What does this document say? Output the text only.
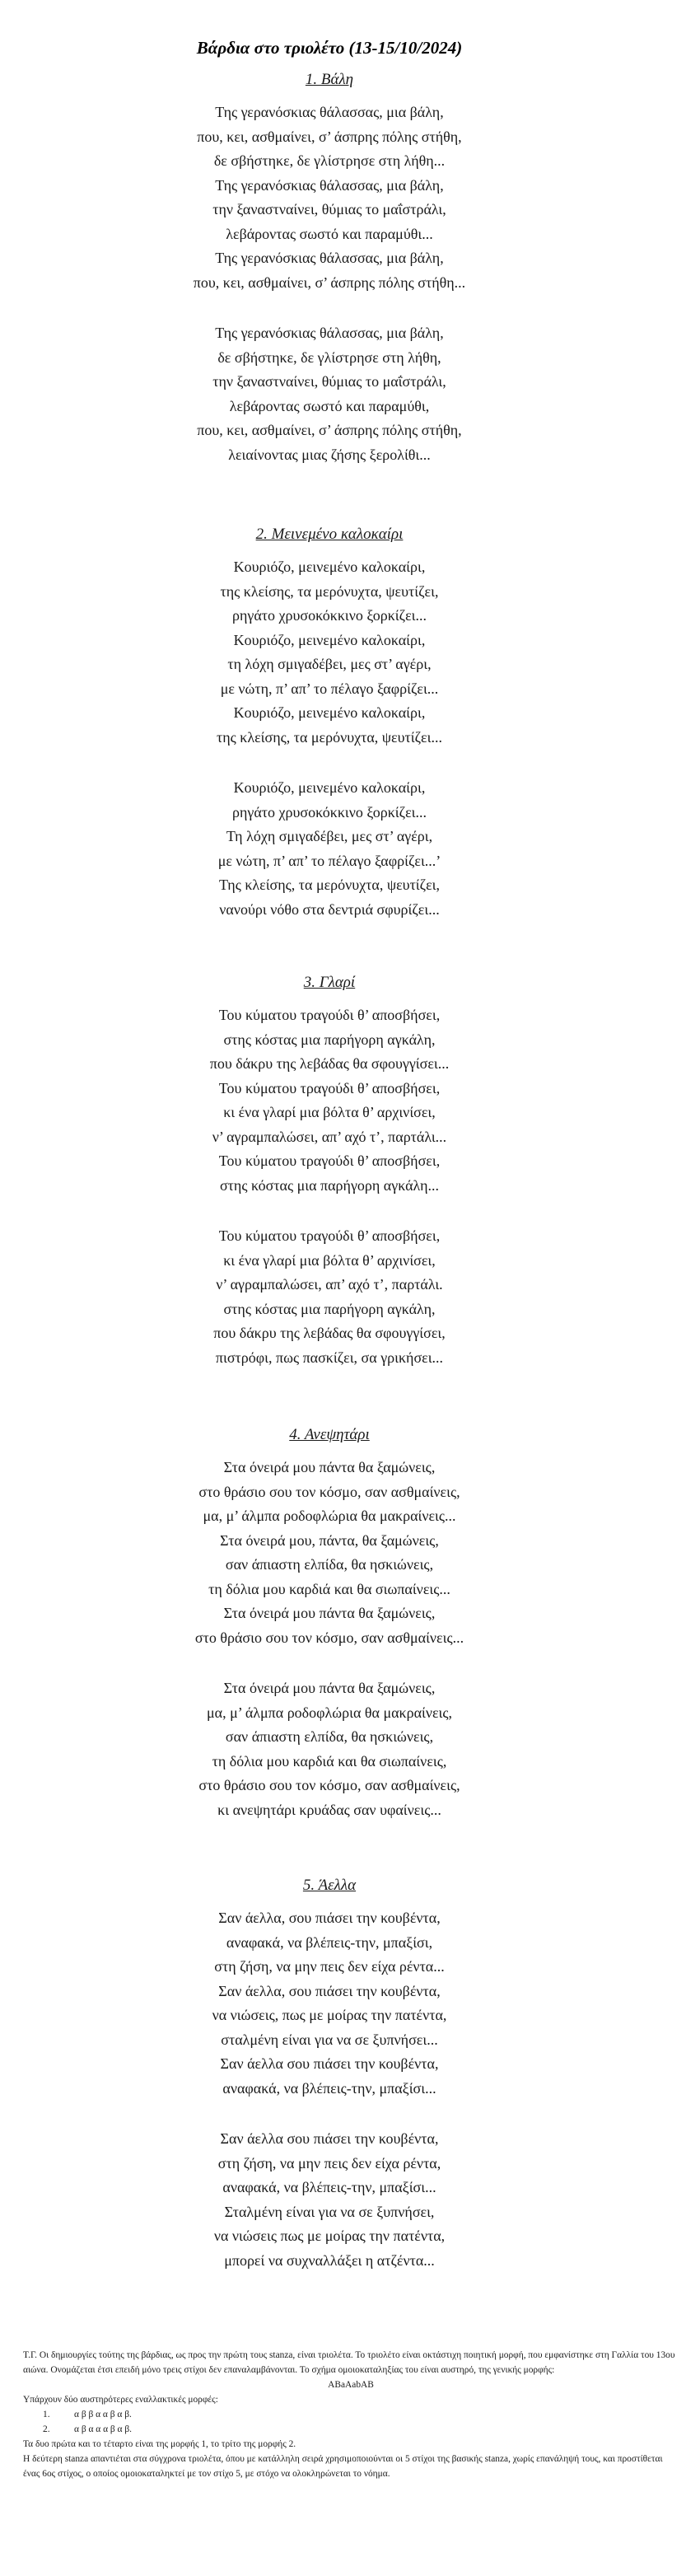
Βάρδια στο τριολέτο (13-15/10/2024)
1. Βάλη
Της γερανόσκιας θάλασσας, μια βάλη,
που, κει, ασθμαίνει, σ’ άσπρης πόλης στήθη,
δε σβήστηκε, δε γλίστρησε στη λήθη...
Της γερανόσκιας θάλασσας, μια βάλη,
την ξαναστναίνει, θύμιας το μαΐστράλι,
λεβάροντας σωστό και παραμύθι...
Της γερανόσκιας θάλασσας, μια βάλη,
που, κει, ασθμαίνει, σ’ άσπρης πόλης στήθη...
Της γερανόσκιας θάλασσας, μια βάλη,
δε σβήστηκε, δε γλίστρησε στη λήθη,
την ξαναστναίνει, θύμιας το μαΐστράλι,
λεβάροντας σωστό και παραμύθι,
που, κει, ασθμαίνει, σ’ άσπρης πόλης στήθη,
λειαίνοντας μιας ζήσης ξερολίθι...
2. Μεινεμένο καλοκαίρι
Κουριόζο, μεινεμένο καλοκαίρι,
της κλείσης, τα μερόνυχτα, ψευτίζει,
ρηγάτο χρυσοκόκκινο ξορκίζει...
Κουριόζο, μεινεμένο καλοκαίρι,
τη λόχη σμιγαδέβει, μες στ’ αγέρι,
με νώτη, π’ απ’ το πέλαγο ξαφρίζει...
Κουριόζο, μεινεμένο καλοκαίρι,
της κλείσης, τα μερόνυχτα, ψευτίζει...
Κουριόζο, μεινεμένο καλοκαίρι,
ρηγάτο χρυσοκόκκινο ξορκίζει...
Τη λόχη σμιγαδέβει, μες στ’ αγέρι,
με νώτη, π’ απ’ το πέλαγο ξαφρίζει...’
Της κλείσης, τα μερόνυχτα, ψευτίζει,
νανούρι νόθο στα δεντριά σφυρίζει...
3. Γλαρί
Του κύματου τραγούδι θ’ αποσβήσει,
στης κόστας μια παρήγορη αγκάλη,
που δάκρυ της λεβάδας θα σφουγγίσει...
Του κύματου τραγούδι θ’ αποσβήσει,
κι ένα γλαρί μια βόλτα θ’ αρχινίσει,
ν’ αγραμπαλώσει, απ’ αχό τ’, παρτάλι...
Του κύματου τραγούδι θ’ αποσβήσει,
στης κόστας μια παρήγορη αγκάλη...
Του κύματου τραγούδι θ’ αποσβήσει,
κι ένα γλαρί μια βόλτα θ’ αρχινίσει,
ν’ αγραμπαλώσει, απ’ αχό τ’, παρτάλι.
στης κόστας μια παρήγορη αγκάλη,
που δάκρυ της λεβάδας θα σφουγγίσει,
πιστρόφι, πως πασκίζει, σα γρικήσει...
4. Ανεψητάρι
Στα όνειρά μου πάντα θα ξαμώνεις,
στο θράσιο σου τον κόσμο, σαν ασθμαίνεις,
μα, μ’ άλμπα ροδοφλώρια θα μακραίνεις...
Στα όνειρά μου, πάντα, θα ξαμώνεις,
σαν άπιαστη ελπίδα, θα ησκιώνεις,
τη δόλια μου καρδιά και θα σιωπαίνεις...
Στα όνειρά μου πάντα θα ξαμώνεις,
στο θράσιο σου τον κόσμο, σαν ασθμαίνεις...
Στα όνειρά μου πάντα θα ξαμώνεις,
μα, μ’ άλμπα ροδοφλώρια θα μακραίνεις,
σαν άπιαστη ελπίδα, θα ησκιώνεις,
τη δόλια μου καρδιά και θα σιωπαίνεις,
στο θράσιο σου τον κόσμο, σαν ασθμαίνεις,
κι ανεψητάρι κρυάδας σαν υφαίνεις...
5. Άελλα
Σαν άελλα, σου πιάσει την κουβέντα,
αναφακά, να βλέπεις-την, μπαξίσι,
στη ζήση, να μην πεις δεν είχα ρέντα...
Σαν άελλα, σου πιάσει την κουβέντα,
να νιώσεις, πως με μοίρας την πατέντα,
σταλμένη είναι για να σε ξυπνήσει...
Σαν άελλα σου πιάσει την κουβέντα,
αναφακά, να βλέπεις-την, μπαξίσι...
Σαν άελλα σου πιάσει την κουβέντα,
στη ζήση, να μην πεις δεν είχα ρέντα,
αναφακά, να βλέπεις-την, μπαξίσι...
Σταλμένη είναι για να σε ξυπνήσει,
να νιώσεις πως με μοίρας την πατέντα,
μπορεί να συχναλλάξει η ατζέντα...

Τ.Γ. Οι δημιουργίες τούτης της βάρδιας, ως προς την πρώτη τους stanza, είναι τριολέτα. Το τριολέτο είναι οκτάστιχη ποιητική μορφή, που εμφανίστηκε στη Γαλλία του 13ου αιώνα. Ονομάζεται έτσι επειδή μόνο τρεις στίχοι δεν επαναλαμβάνονται. Το σχήμα ομοιοκαταληξίας του είναι αυστηρό, της γενικής μορφής:

ABaAabAB

Υπάρχουν δύο αυστηρότερες εναλλακτικές μορφές:

1.	α β β α α β α β.
2.	α β α α α β α β.

Τα δυο πρώτα και το τέταρτο είναι της μορφής 1, το τρίτο της μορφής 2.

Η δεύτερη stanza απαντιέται στα σύγχρονα τριολέτα, όπου με κατάλληλη σειρά χρησιμοποιούνται οι 5 στίχοι της βασικής stanza, χωρίς επανάληψή τους, και προστίθεται ένας 6ος στίχος, ο οποίος ομοιοκαταληκτεί με τον στίχο 5, με στόχο να ολοκληρώνεται το νόημα.
